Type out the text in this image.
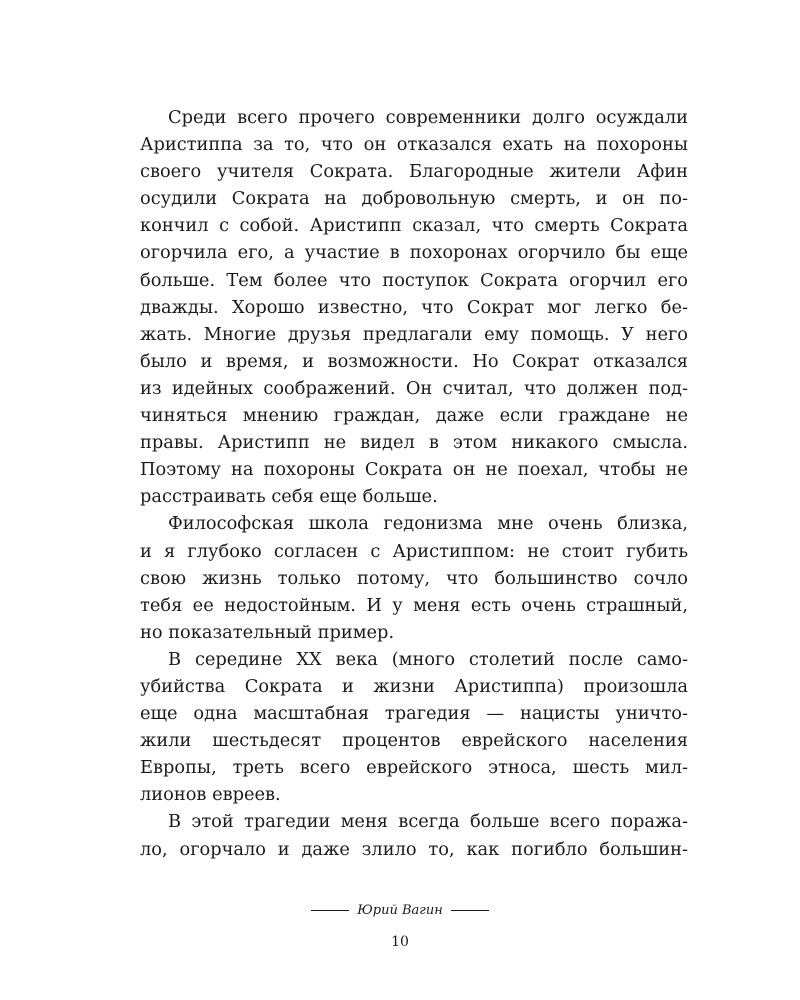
Среди всего прочего современники долго осуждали
Аристиппа за то, что он отказался ехать на похороны
своего учителя Сократа. Благородные жители Афин
осудили Сократа на добровольную смерть, и он по-
кончил с собой. Аристипп сказал, что смерть Сократа
огорчила его, а участие в похоронах огорчило бы еще
больше. Тем более что поступок Сократа огорчил его
дважды. Хорошо известно, что Сократ мог легко бе-
жать. Многие друзья предлагали ему помощь. У него
было и время, и возможности. Но Сократ отказался
из идейных соображений. Он считал, что должен под-
чиняться мнению граждан, даже если граждане не
правы. Аристипп не видел в этом никакого смысла.
Поэтому на похороны Сократа он не поехал, чтобы не
расстраивать себя еще больше.
Философская школа гедонизма мне очень близка,
и я глубоко согласен с Аристиппом: не стоит губить
свою жизнь только потому, что большинство сочло
тебя ее недостойным. И у меня есть очень страшный,
но показательный пример.
В середине XX века (много столетий после само-
убийства Сократа и жизни Аристиппа) произошла
еще одна масштабная трагедия — нацисты уничто-
жили шестьдесят процентов еврейского населения
Европы, треть всего еврейского этноса, шесть мил-
лионов евреев.
В этой трагедии меня всегда больше всего поража-
ло, огорчало и даже злило то, как погибло большин-
Юрий Вагин
10
